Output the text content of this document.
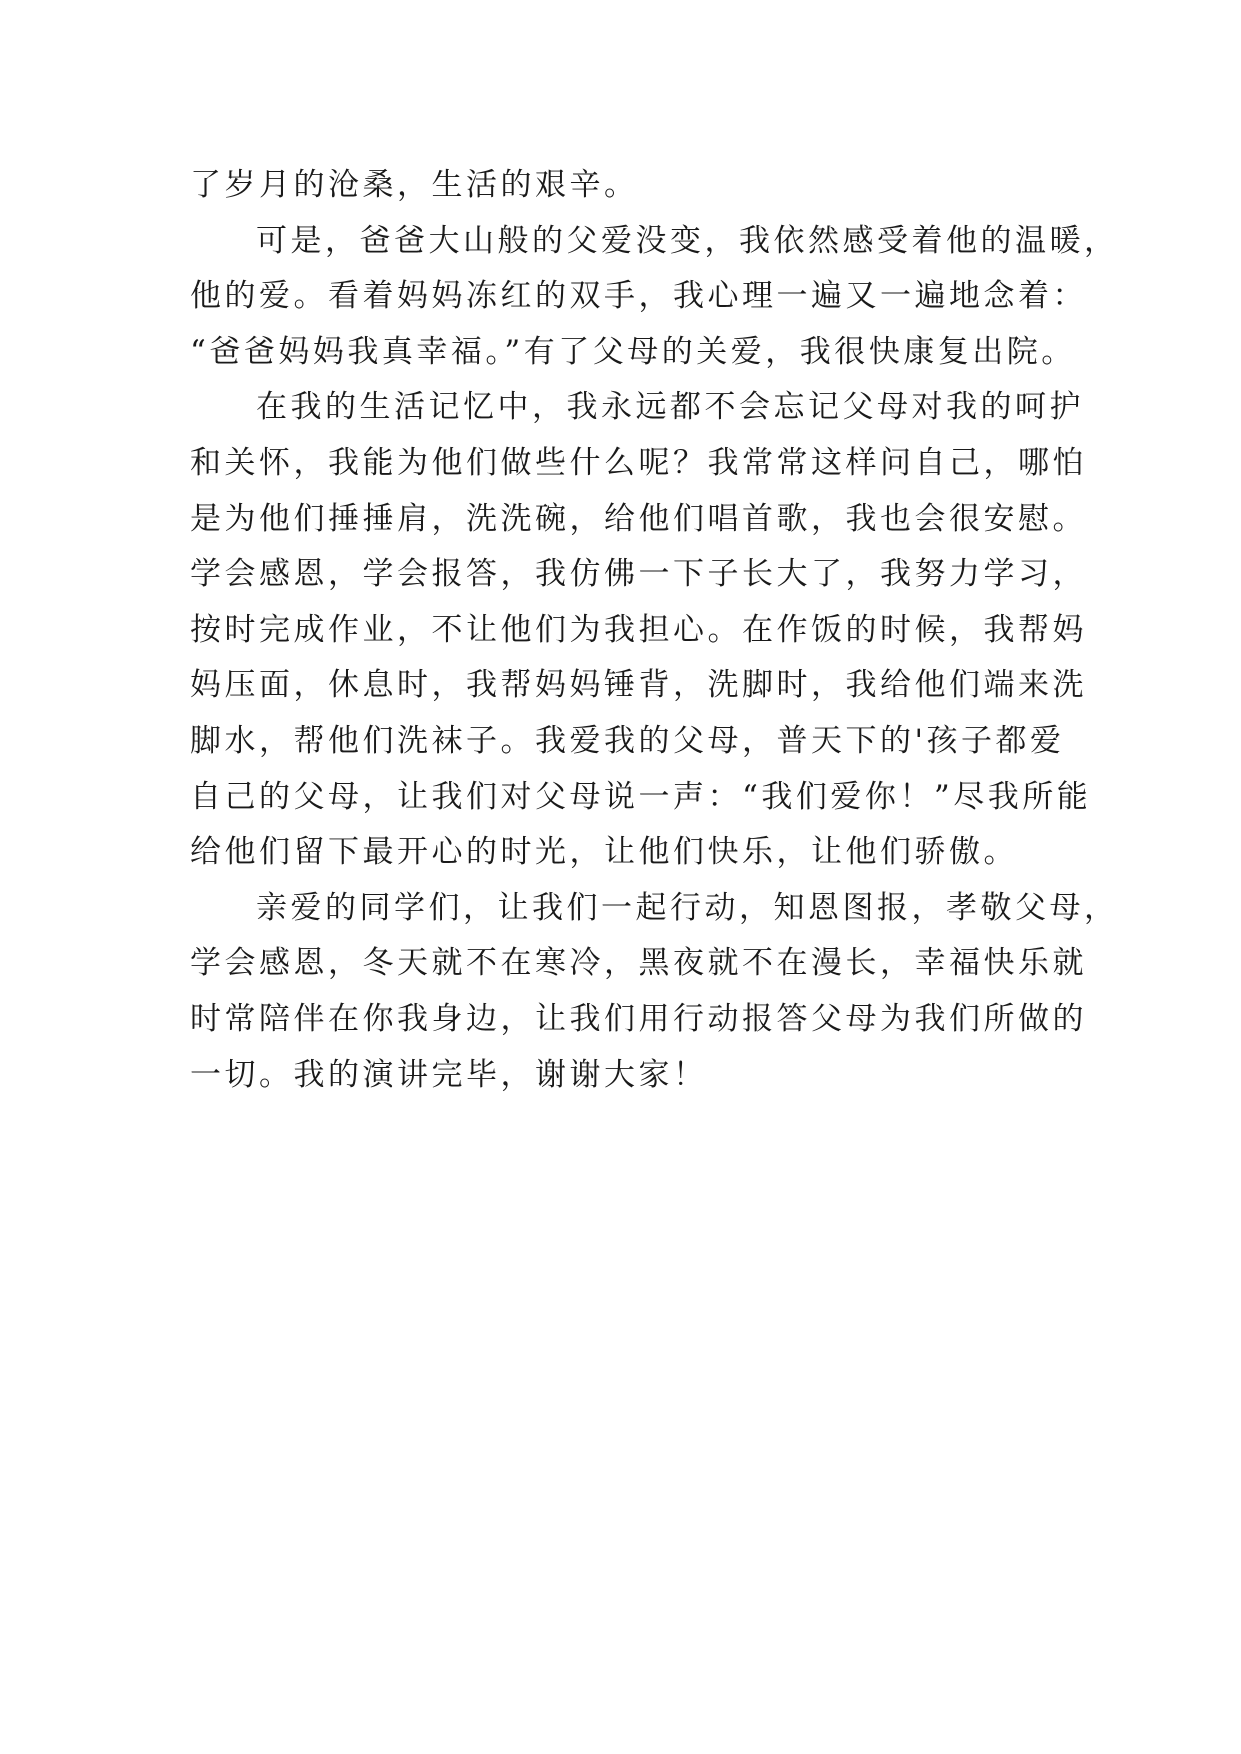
了岁月的沧桑，生活的艰辛。
可是，爸爸大山般的父爱没变，我依然感受着他的温暖，
他的爱。看着妈妈冻红的双手，我心理一遍又一遍地念着：
“爸爸妈妈我真幸福。”有了父母的关爱，我很快康复出院。
在我的生活记忆中，我永远都不会忘记父母对我的呵护
和关怀，我能为他们做些什么呢？我常常这样问自己，哪怕
是为他们捶捶肩，洗洗碗，给他们唱首歌，我也会很安慰。
学会感恩，学会报答，我仿佛一下子长大了，我努力学习，
按时完成作业，不让他们为我担心。在作饭的时候，我帮妈
妈压面，休息时，我帮妈妈锤背，洗脚时，我给他们端来洗
脚水，帮他们洗袜子。我爱我的父母，普天下的'孩子都爱
自己的父母，让我们对父母说一声：“我们爱你！”尽我所能
给他们留下最开心的时光，让他们快乐，让他们骄傲。
亲爱的同学们，让我们一起行动，知恩图报，孝敬父母，
学会感恩，冬天就不在寒冷，黑夜就不在漫长，幸福快乐就
时常陪伴在你我身边，让我们用行动报答父母为我们所做的
一切。我的演讲完毕，谢谢大家！
